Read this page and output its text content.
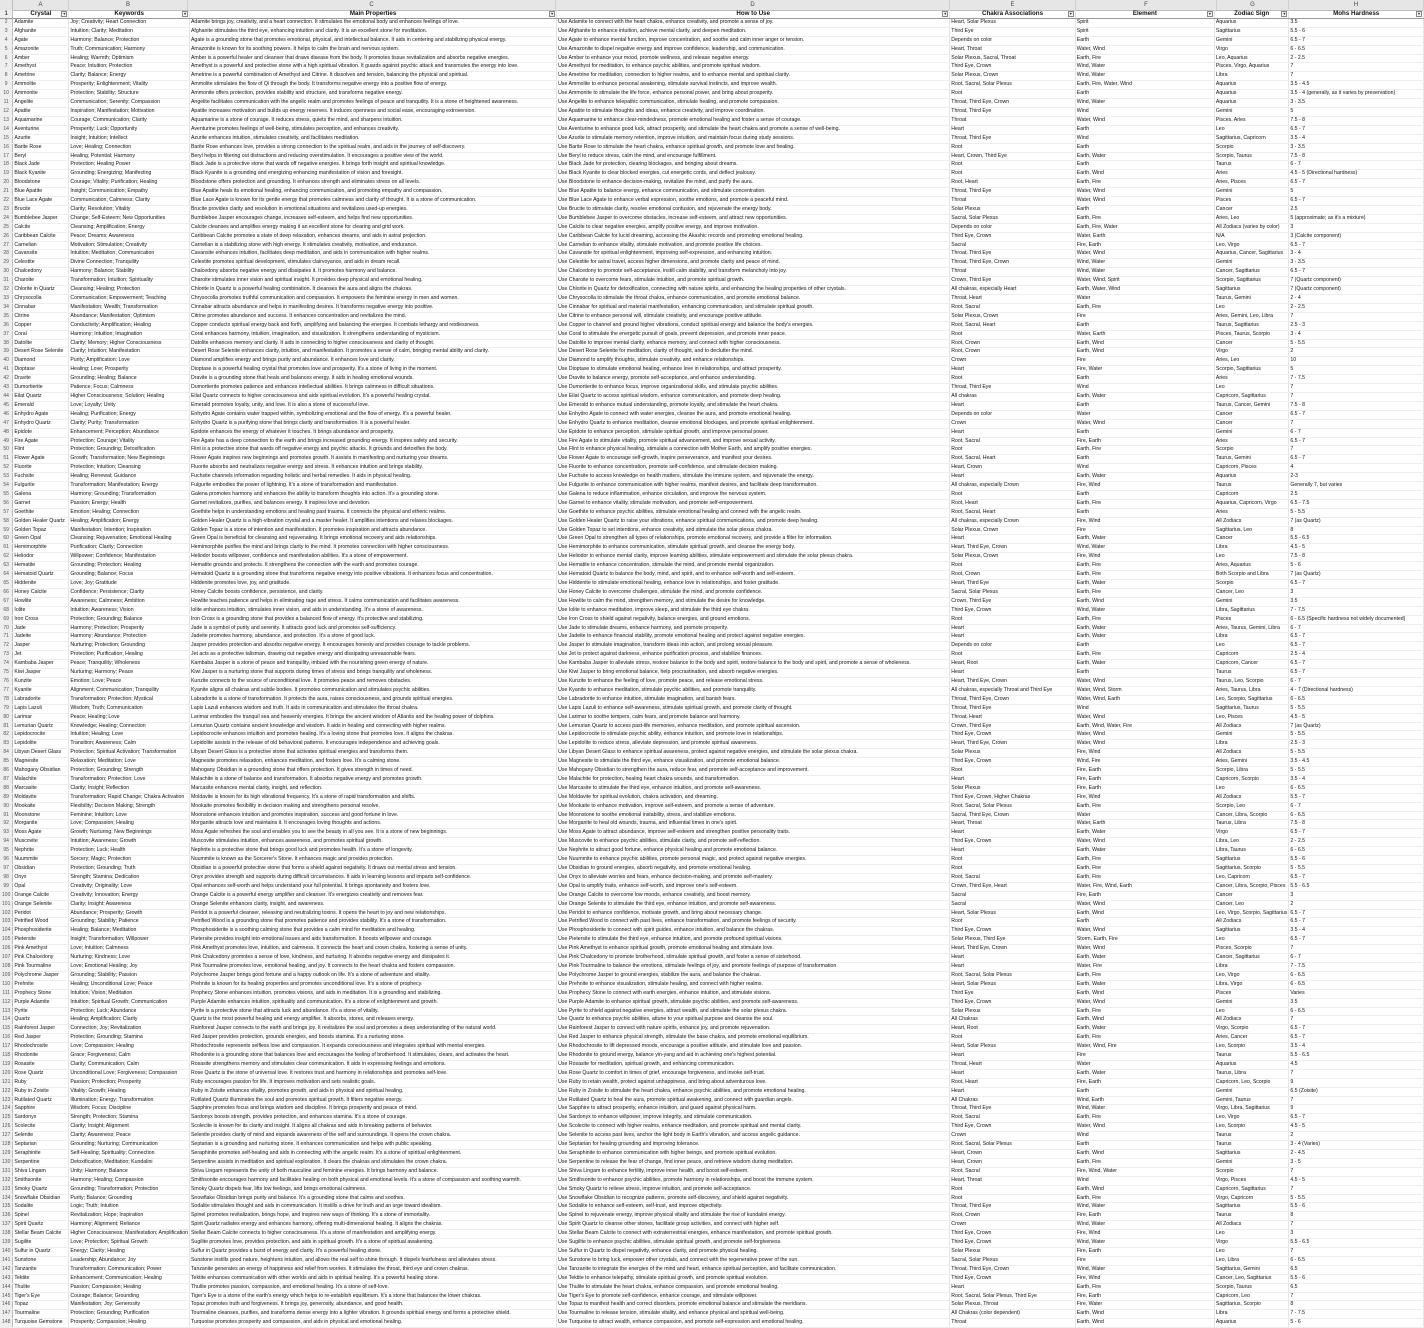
A	B	C	D	E	F	G	H
1	Crystal ▾	Keywords ▾	Main Properties ▾	How to Use ▾	Chakra Associations ▾	Element ▾	Zodiac Sign ▾	Mohs Hardness ▾

2	Adamite	Joy; Creativity; Heart Connection	Adamite brings joy, creativity, and a heart connection. It stimulates the emotional body and enhances feelings of love.	Use Adamite to connect with the heart chakra, enhance creativity, and promote a sense of joy.	Heart, Solar Plexus	Spirit	Aquarius	3.5
3	Afghanite	Intuition; Clarity; Meditation	Afghanite stimulates the third eye, enhancing intuition and clarity. It is an excellent stone for meditation.	Use Afghanite to enhance intuition, achieve mental clarity, and deepen meditation.	Third Eye	Spirit	Sagittarius	5.5 - 6
4	Agate	Harmony; Balance; Protection	Agate is a grounding stone that promotes emotional, physical, and intellectual balance. It aids in centering and stabilizing physical energy.	Use Agate to enhance mental function, improve concentration, and soothe and calm inner anger or tension.	Depends on color	Earth	Gemini	6.5 - 7
5	Amazonite	Truth; Communication; Harmony	Amazonite is known for its soothing powers. It helps to calm the brain and nervous system.	Use Amazonite to dispel negative energy and improve confidence, leadership, and communication.	Heart, Throat	Water, Wind	Virgo	6 - 6.5
6	Amber	Healing; Warmth; Optimism	Amber is a powerful healer and cleanser that draws disease from the body. It promotes tissue revitalization and absorbs negative energies.	Use Amber to enhance your mood, promote wellness, and release negative energy.	Solar Plexus, Sacral, Throat	Earth, Fire	Leo, Aquarius	2 - 2.5
7	Amethyst	Peace; Intuition; Protection	Amethyst is a powerful and protective stone with a high spiritual vibration. It guards against psychic attack and transmutes the energy into love.	Use Amethyst for meditation, to enhance psychic abilities, and promote spiritual wisdom.	Third Eye, Crown	Wind, Water	Pisces, Virgo, Aquarius	7
8	Ametrine	Clarity; Balance; Energy	Ametrine is a powerful combination of Amethyst and Citrine. It dissolves and tension, balancing the physical and spiritual.	Use Ametrine for meditation, connection to higher realms, and to enhance mental and spiritual clarity.	Solar Plexus, Crown	Wind, Water	Libra	7
9	Ammolite	Prosperity; Enlightenment; Vitality	Ammolite stimulates the flow of Qi through the body. It transforms negative energy into a positive flow of energy.	Use Ammolite to enhance personal awakening, stimulate survival instincts, and improve wealth.	Root, Sacral, Solar Plexus	Earth, Fire, Water, Wind	Aquarius	3.5 - 4.5
10	Ammonite	Protection; Stability; Structure	Ammonite offers protection, provides stability and structure, and transforms negative energy.	Use Ammonite to stimulate the life force, enhance personal power, and bring about prosperity.	Root	Earth	Aquarius	3.5 - 4 (generally, as it varies by preservation)
11	Angelite	Communication; Serenity; Compassion	Angelite facilitates communication with the angelic realm and promotes feelings of peace and tranquility. It is a stone of heightened awareness.	Use Angelite to enhance telepathic communication, stimulate healing, and promote compassion.	Throat, Third Eye, Crown	Wind, Water	Aquarius	3 - 3.5
12	Apatite	Inspiration; Manifestation; Motivation	Apatite increases motivation and builds up energy reserves. It induces openness and social ease, encouraging extroversion.	Use Apatite to stimulate thoughts and ideas, enhance creativity, and improve coordination.	Throat, Third Eye	Wind	Gemini	5
13	Aquamarine	Courage; Communication; Clarity	Aquamarine is a stone of courage. It reduces stress, quiets the mind, and sharpens intuition.	Use Aquamarine to enhance clear-mindedness, promote emotional healing and foster a sense of courage.	Throat	Water, Wind	Pisces, Aries	7.5 - 8
14	Aventurine	Prosperity; Luck; Opportunity	Aventurine promotes feelings of well-being, stimulates perception, and enhances creativity.	Use Aventurine to enhance good luck, attract prosperity, and stimulate the heart chakra and promote a sense of well-being.	Heart	Earth	Leo	6.5 - 7
15	Azurite	Insight; Intuition; Intellect	Azurite enhances intuition, stimulates creativity, and facilitates meditation.	Use Azurite to stimulate memory retention, improve intuition, and maintain focus during study sessions.	Throat, Third Eye	Wind	Sagittarius, Capricorn	3.5 - 4
16	Barite Rose	Love; Healing; Connection	Barite Rose enhances love, provides a strong connection to the spiritual realm, and aids in the journey of self-discovery.	Use Barite Rose to stimulate the heart chakra, enhance spiritual growth, and promote love and healing.	Root	Earth	Scorpio	3 - 3.5
17	Beryl	Healing; Potential; Harmony	Beryl helps in filtering out distractions and reducing overstimulation. It encourages a positive view of the world.	Use Beryl to reduce stress, calm the mind, and encourage fulfillment.	Heart, Crown, Third Eye	Earth, Water	Scorpio, Taurus	7.5 - 8
18	Black Jade	Protection; Healing Power	Black Jade is a protective stone that wards off negative energies. It brings forth insight and spiritual knowledge.	Use Black Jade for protection, clearing blockages, and bringing about dreams.	Root	Earth	Taurus	6 - 7
19	Black Kyanite	Grounding; Energizing; Manifesting	Black Kyanite is a grounding and energizing enhancing manifestation of vision and foresight.	Use Black Kyanite to clear blocked energies, cut energetic cords, and deflect jealousy.	Root	Earth, Wind	Aries	4.5 - 5 (Directional hardness)
20	Bloodstone	Courage; Vitality; Purification; Healing	Bloodstone offers protection and grounding. It enhances strength and eliminates stress on all levels.	Use Bloodstone to enhance decision-making, revitalize the mind, and purify the aura.	Root, Heart	Earth, Fire	Aries, Pisces	6.5 - 7
21	Blue Apatite	Insight; Communication; Empathy	Blue Apatite heals its emotional healing, enhancing communication, and promoting empathy and compassion.	Use Blue Apatite to balance energy, enhance communication, and stimulate concentration.	Throat, Third Eye	Water, Wind	Gemini	5
22	Blue Lace Agate	Communication; Calmness; Clarity	Blue Lace Agate is known for its gentle energy that promotes calmness and clarity of thought. It is a stone of communication.	Use Blue Lace Agate to enhance verbal expression, soothe emotions, and promote a peaceful mind.	Throat	Water, Wind	Pisces	6.5 - 7
23	Brucite	Clarity; Resolution; Vitality	Brucite provides clarity and resolution in emotional situations and revitalizes used-up energies.	Use Brucite to stimulate clarity, resolve emotional confusion, and rejuvenate the energy body.	Solar Plexus	Earth	Cancer	2.5
24	Bumblebee Jasper	Change; Self-Esteem; New Opportunities	Bumblebee Jasper encourages change, increases self-esteem, and helps find new opportunities.	Use Bumblebee Jasper to overcome obstacles, increase self-esteem, and attract new opportunities.	Sacral, Solar Plexus	Earth, Fire	Aries, Leo	5 (approximate; as it's a mixture)
25	Calcite	Cleansing; Amplification; Energy	Calcite cleanses and amplifies energy making it an excellent stone for clearing and grid work.	Use Calcite to clear negative energies, amplify positive energy, and improve motivation.	Depends on color	Earth, Fire, Water	All Zodiacs (varies by color)	3
26	Caribbean Calcite	Peace; Dreams; Awareness	Caribbean Calcite promotes a state of deep relaxation, enhances dreams, and aids in astral projection.	Use Caribbean Calcite for lucid dreaming, accessing the Akashic records and promoting emotional healing.	Third Eye, Crown	Water, Earth	N/A	3 (Calcite component)
27	Carnelian	Motivation; Stimulation; Creativity	Carnelian is a stabilizing stone with high energy. It stimulates creativity, motivation, and endurance.	Use Carnelian to enhance vitality, stimulate motivation, and promote positive life choices.	Sacral	Fire, Earth	Leo, Virgo	6.5 - 7
28	Cavansite	Intuition; Meditation; Communication	Cavansite enhances intuition, facilitates deep meditation, and aids in communication with higher realms.	Use Cavansite for spiritual enlightenment, improving self-expression, and enhancing intuition.	Throat, Third Eye	Water, Wind	Aquarius, Cancer, Sagittarius	3 - 4
29	Celestite	Divine Connection; Tranquility	Celestite promotes spiritual development, stimulates clairvoyance, and aids in dream recall.	Use Celestite for astral travel, access higher dimensions, and promote clarity and peace of mind.	Throat, Third Eye, Crown	Wind, Water	Gemini	3 - 3.5
30	Chalcedony	Harmony; Balance; Stability	Chalcedony absorbs negative energy and dissipates it. It promotes harmony and balance.	Use Chalcedony to promote self-acceptance, instill calm stability, and transform melancholy into joy.	Throat	Wind, Water	Cancer, Sagittarius	6.5 - 7
31	Charoite	Transformation; Intuition; Spirituality	Charoite stimulates inner vision and spiritual insight. It provides deep physical and emotional healing.	Use Charoite to overcome fears, stimulate intuition, and promote spiritual growth.	Crown, Third Eye	Water, Wind, Spirit	Scorpio, Sagittarius	7 (Quartz component)
32	Chlorite in Quartz	Cleansing; Healing; Protection	Chlorite in Quartz is a powerful healing combination. It cleanses the aura and aligns the chakras.	Use Chlorite in Quartz for detoxification, connecting with nature spirits, and enhancing the healing properties of other crystals.	All chakras, especially Heart	Earth, Water, Wind	Sagittarius	7 (Quartz component)
33	Chrysocolla	Communication; Empowerment; Teaching	Chrysocolla promotes truthful communication and compassion. It empowers the feminine energy in men and women.	Use Chrysocolla to stimulate the throat chakra, enhance communication, and promote emotional balance.	Throat, Heart	Water	Taurus, Gemini	2 - 4
34	Cinnabar	Manifestation; Wealth; Transformation	Cinnabar attracts abundance and helps in manifesting desires. It transforms negative energy into positive.	Use Cinnabar for spiritual and material manifestation, enhancing communication, and stimulate spiritual growth.	Root, Sacral	Earth, Fire	Leo	2 - 2.5
35	Citrine	Abundance; Manifestation; Optimism	Citrine promotes abundance and success. It enhances concentration and revitalizes the mind.	Use Citrine to enhance personal will, stimulate creativity, and encourage positive attitude.	Solar Plexus, Crown	Fire	Aries, Gemini, Leo, Libra	7
36	Copper	Conductivity; Amplification; Healing	Copper conducts spiritual energy back and forth, amplifying and balancing the energies. It combats lethargy and restlessness.	Use Copper to channel and ground higher vibrations, conduct spiritual energy and balance the body's energies.	Root, Sacral, Heart	Earth	Taurus, Sagittarius	2.5 - 3
37	Coral	Harmony; Intuition; Imagination	Coral enhances harmony, intuition, imagination, and visualization. It strengthens understanding of mysticism.	Use Coral to stimulate the energetic pursuit of goals, prevent depression, and promote inner peace.	Root	Water, Earth	Pisces, Taurus, Scorpio	3 - 4
38	Datolite	Clarity; Memory; Higher Consciousness	Datolite enhances memory and clarity. It aids in connecting to higher consciousness and clarity of thought.	Use Datolite to improve mental clarity, enhance memory, and connect with higher consciousness.	Root, Crown	Earth, Wind	Cancer	5 - 5.5
39	Desert Rose Selenite	Clarity; Intuition; Manifestation	Desert Rose Selenite enhances clarity, intuition, and manifestation. It promotes a sense of calm, bringing mental ability and clarity.	Use Desert Rose Selenite for meditation, clarity of thought, and to declutter the mind.	Root, Crown	Earth, Wind	Virgo	2
40	Diamond	Purity; Amplification; Love	Diamond amplifies energy and brings purity and abundance. It enhances love and clarity.	Use Diamond to amplify thoughts, stimulate creativity, and enhance relationships.	Crown	Fire	Aries, Leo	10
41	Dioptase	Healing; Love; Prosperity	Dioptase is a powerful healing crystal that promotes love and prosperity. It's a stone of living in the moment.	Use Dioptase to stimulate emotional healing, enhance love in relationships, and attract prosperity.	Heart	Fire, Water	Scorpio, Sagittarius	5
42	Dravite	Grounding; Healing; Balance	Dravite is a grounding stone that heals and balances energy. It aids in healing emotional wounds.	Use Dravite to balance energy, promote self-acceptance, and enhance understanding.	Root	Earth	Aries	7 - 7.5
43	Dumortierite	Patience; Focus; Calmness	Dumortierite promotes patience and enhances intellectual abilities. It brings calmness in difficult situations.	Use Dumortierite to enhance focus, improve organizational skills, and stimulate psychic abilities.	Throat, Third Eye	Wind	Leo	7
44	Eilat Quartz	Higher Consciousness; Solution; Healing	Eilat Quartz connects to higher consciousness and aids spiritual evolution. It's a powerful healing crystal.	Use Eilat Quartz to access spiritual wisdom, enhance communication, and promote deep healing.	All chakras	Earth, Water	Capricorn, Sagittarius	7
45	Emerald	Love; Loyalty; Unity	Emerald promotes loyalty, unity, and love. It is also a stone of successful love.	Use Emerald to enhance mutual understanding, promote loyalty, and stimulate the heart chakra.	Heart	Earth	Taurus, Cancer, Gemini	7.5 - 8
46	Enhydro Agate	Healing; Purification; Energy	Enhydro Agate contains water trapped within, symbolizing emotional and the flow of energy. It's a powerful healer.	Use Enhydro Agate to connect with water energies, cleanse the aura, and promote emotional healing.	Depends on color	Water	Cancer	6.5 - 7
47	Enhydro Quartz	Clarity; Purity; Transformation	Enhydro Quartz is a purifying stone that brings clarity and transformation. It is a powerful healer.	Use Enhydro Quartz to enhance meditation, cleanse emotional blockages, and promote spiritual enlightenment.	Crown	Water, Wind	Cancer	7
48	Epidote	Enhancement; Perception; Abundance	Epidote enhances the energy of whatever it touches. It brings abundance and prosperity.	Use Epidote to enhance perception, stimulate spiritual growth, and improve personal power.	Heart	Earth	Gemini	6 - 7
49	Fire Agate	Protection; Courage; Vitality	Fire Agate has a deep connection to the earth and brings increased grounding energy. It inspires safety and security.	Use Fire Agate to stimulate vitality, promote spiritual advancement, and improve sexual activity.	Root, Sacral	Fire, Earth	Aries	6.5 - 7
50	Flint	Protection; Grounding; Detoxification	Flint is a protective stone that wards off negative energy and psychic attacks. It grounds and detoxifies the body.	Use Flint to enhance physical healing, stimulate a connection with Mother Earth, and amplify positive energies.	Root	Earth, Fire	Scorpio	7
51	Flower Agate	Growth; Transformation; New Beginnings	Flower Agate inspires new beginnings and promotes growth. It assists in manifesting and nurturing your dreams.	Use Flower Agate to encourage self-growth, inspire perseverance, and manifest your desires.	Root, Sacral, Heart	Earth	Taurus, Gemini	6.5 - 7
52	Fluorite	Protection; Intuition; Cleansing	Fluorite absorbs and neutralizes negative energy and stress. It enhances intuition and brings stability.	Use Fluorite to enhance concentration, promote self-confidence, and stimulate decision making.	Heart, Crown	Wind	Capricorn, Pisces	4
53	Fuchsite	Healing; Renewal; Guidance	Fuchsite channels information regarding holistic and herbal remedies. It aids in physical healing.	Use Fuchsite to access knowledge on health matters, stimulate the immune system, and rejuvenate the energy.	Heart	Earth, Water	Aquarius	2-3
54	Fulgurite	Transformation; Manifestation; Energy	Fulgurite embodies the power of lightning. It's a stone of transformation and manifestation.	Use Fulgurite to enhance communication with higher realms, manifest desires, and facilitate deep transformation.	All chakras, especially Crown	Fire, Wind	Taurus	Generally 7, but varies
55	Galena	Harmony; Grounding; Transformation	Galena promotes harmony and enhances the ability to transform thoughts into action. It's a grounding stone.	Use Galena to reduce inflammation, enhance circulation, and improve the nervous system.	Root	Earth	Capricorn	2.5
56	Garnet	Passion; Energy; Health	Garnet revitalizes, purifies, and balances energy. It inspires love and devotion.	Use Garnet to enhance vitality, stimulate motivation, and promote self-empowerment.	Root, Heart	Earth, Fire	Aquarius, Capricorn, Virgo	6.5 - 7.5
57	Goethite	Emotion; Healing; Connection	Goethite helps in understanding emotions and healing past trauma. It connects the physical and etheric realms.	Use Goethite to enhance psychic abilities, stimulate emotional healing and connect with the angelic realm.	Root, Sacral, Heart	Earth	Aries	5 - 5.5
58	Golden Healer Quartz	Healing; Amplification; Energy	Golden Healer Quartz is a high-vibration crystal and a master healer. It amplifies intentions and relaxes blockages.	Use Golden Healer Quartz to raise your vibrations, enhance spiritual communications, and promote deep healing.	All chakras, especially Crown	Fire, Wind	All Zodiacs	7 (as Quartz)
59	Golden Topaz	Manifestation; Intention; Inspiration	Golden Topaz is a stone of intention and manifestation. It promotes inspiration and attracts abundance.	Use Golden Topaz to set intentions, enhance creativity, and stimulate the solar plexus chakra.	Solar Plexus, Crown	Fire	Sagittarius, Leo	8
60	Green Opal	Cleansing; Rejuvenation; Emotional Healing	Green Opal is beneficial for cleansing and rejuvenating. It brings emotional recovery and aids relationships.	Use Green Opal to strengthen all types of relationships, promote emotional recovery, and provide a filter for information.	Heart	Earth, Water	Cancer	5.5 - 6.5
61	Hemimorphite	Purification; Clarity; Connection	Hemimorphite purifies the mind and brings clarity to the mind. It promotes connection with higher consciousness.	Use Hemimorphite to enhance communication, stimulate spiritual growth, and cleanse the energy body.	Heart, Third Eye, Crown	Wind, Water	Libra	4.5 - 5
62	Heliodor	Willpower; Confidence; Manifestation	Heliodor boosts willpower, confidence and manifestation abilities. It's a stone of empowerment.	Use Heliodor to enhance mental clarity, improve learning abilities, stimulate empowerment and stimulate the solar plexus chakra.	Solar Plexus, Crown	Fire, Wind	Leo	7.5 - 8
63	Hematite	Grounding; Protection; Healing	Hematite grounds and protects. It strengthens the connection with the earth and promotes courage.	Use Hematite to enhance concentration, stimulate the mind, and promote mental organization.	Root	Earth, Fire	Aries, Aquarius	5 - 6
64	Hematoid Quartz	Grounding; Balance; Focus	Hematoid Quartz is a grounding stone that transforms negative energy into positive vibrations. It enhances focus and concentration.	Use Hematoid Quartz to balance the body, mind, and spirit, and to enhance self-worth and self-esteem.	Root, Crown	Earth, Fire	Both Scorpio and Libra	7 (as Quartz)
65	Hiddenite	Love; Joy; Gratitude	Hiddenite promotes love, joy, and gratitude.	Use Hiddenite to stimulate emotional healing, enhance love in relationships, and foster gratitude.	Heart, Third Eye	Earth, Water	Scorpio	6.5 - 7
66	Honey Calcite	Confidence; Persistence; Clarity	Honey Calcite boosts confidence, persistence, and clarity.	Use Honey Calcite to overcome challenges, stimulate the mind, and promote confidence.	Sacral, Solar Plexus	Earth, Fire	Cancer, Leo	3
67	Howlite	Awareness; Calmness; Ambition	Howlite teaches patience and helps in eliminating rage and stress. It calms communication and facilitates awareness.	Use Howlite to calm the mind, strengthen memory, and stimulate the desire for knowledge.	Crown, Third Eye	Earth, Wind	Gemini	3.5
68	Iolite	Intuition; Awareness; Vision	Iolite enhances intuition, stimulates inner vision, and aids in understanding. It's a stone of awareness.	Use Iolite to enhance meditation, improve sleep, and stimulate the third eye chakra.	Third Eye, Crown	Wind, Water	Libra, Sagittarius	7 - 7.5
69	Iron Cross	Protection; Grounding; Balance	Iron Cross is a grounding stone that provides a balanced flow of energy. It's protective and stabilizing.	Use Iron Cross to shield against negativity, balance energies, and ground emotions.	Root	Earth, Fire	Pisces	6 - 6.5 (Specific hardness not widely documented)
70	Jade	Harmony; Protection; Prosperity	Jade is a symbol of purity and serenity. It attracts good luck and promotes self-sufficiency.	Use Jade to stimulate dreams, enhance harmony, and promote prosperity.	Heart	Earth, Water	Aries, Taurus, Gemini, Libra	6 - 7
71	Jadeite	Harmony; Abundance; Protection	Jadeite promotes harmony, abundance, and protection. It's a stone of good luck.	Use Jadeite to enhance financial stability, promote emotional healing and protect against negative energies.	Heart	Earth, Water	Libra	6.5 - 7
72	Jasper	Nurturing; Protection; Grounding	Jasper provides protection and absorbs negative energy. It encourages honesty and provides courage to tackle problems.	Use Jasper to stimulate imagination, transform ideas into action, and prolong sexual pleasure.	Depends on color	Earth	Leo	6.5 - 7
73	Jet	Protection; Purification; Healing	Jet acts as a protective talisman, drawing out negative energy and dissipating unreasonable fears.	Use Jet to protect against darkness, enhance purification process, and stabilize finances.	Root	Earth, Fire	Capricorn	2.5 - 4
74	Kambaba Jasper	Peace; Tranquility; Wholeness	Kambaba Jasper is a stone of peace and tranquility, imbued with the nourishing green energy of nature.	Use Kambaba Jasper to alleviate stress, restore balance to the body and spirit, restore balance to the body and spirit, and promote a sense of wholeness.	Heart, Root	Earth, Water	Capricorn, Cancer	6.5 - 7
75	Kiwi Jasper	Nurturing; Harmony; Peace	Kiwi Jasper is a nurturing stone that supports during times of stress and brings tranquility and wholeness.	Use Kiwi Jasper to bring emotional balance, help procrastination, and absorb negative energies.	Heart	Earth	Taurus	6.5 - 7
76	Kunzite	Emotion; Love; Peace	Kunzite connects to the source of unconditional love. It promotes peace and removes obstacles.	Use Kunzite to enhance the feeling of love, promote peace, and release emotional stress.	Heart, Third Eye, Crown	Water, Wind	Taurus, Leo, Scorpio	6 - 7
77	Kyanite	Alignment; Communication; Tranquility	Kyanite aligns all chakras and subtle bodies. It promotes communication and stimulates psychic abilities.	Use Kyanite to enhance meditation, stimulate psychic abilities, and promote tranquility.	All chakras, especially Throat and Third Eye	Water, Wind, Storm	Aries, Taurus, Libra	4 - 7 (Directional hardness)
78	Labradorite	Transformation; Protection; Mystical	Labradorite is a stone of transformation. It protects the aura, raises consciousness, and grounds spiritual energies.	Use Labradorite to enhance intuition, stimulate imagination, and banish fears.	Throat, Third Eye, Crown	Water, Wind, Earth	Leo, Scorpio, Sagittarius	6 - 6.5
79	Lapis Lazuli	Wisdom; Truth; Communication	Lapis Lazuli enhances wisdom and truth. It aids in communication and stimulates the throat chakra.	Use Lapis Lazuli to enhance self-awareness, stimulate spiritual growth, and promote clarity of thought.	Throat, Third Eye	Wind	Sagittarius, Taurus	5 - 5.5
80	Larimar	Peace; Healing; Love	Larimar embodies the tranquil sea and heavenly energies. It brings the ancient wisdom of Atlantis and the healing power of dolphins.	Use Larimar to soothe tempers, calm fears, and promote balance and harmony.	Throat, Heart	Water, Wind	Leo, Pisces	4.5 - 5
81	Lemurian Quartz	Knowledge; Healing; Connection	Lemurian Quartz contains ancient knowledge and wisdom. It aids in healing and connecting with higher realms.	Use Lemurian Quartz to access past-life memories, enhance meditation, and promote spiritual ascension.	Crown, Third Eye	Earth, Wind, Water, Fire	All Zodiacs	7 (as Quartz)
82	Lepidocrocite	Intuition; Healing; Love	Lepidocrocite enhances intuition and promotes healing. It's a loving stone that promotes love. It aligns the chakras.	Use Lepidocrocite to stimulate psychic ability, enhance intuition, and promote love in relationships.	Third Eye, Crown	Water, Wind	Gemini	5 - 5.5
83	Lepidolite	Transition; Awareness; Calm	Lepidolite assists in the release of old behavioral patterns. It encourages independence and achieving goals.	Use Lepidolite to reduce stress, alleviate depression, and promote spiritual awareness.	Heart, Third Eye, Crown	Water, Wind	Libra	2.5 - 3
84	Libyan Desert Glass	Protection; Spiritual Activation; Transformation	Libyan Desert Glass is a protective stone that activates spiritual energies and transforms them.	Use Libyan Desert Glass to enhance spiritual awareness, protect against negative energies, and stimulate the solar plexus chakra.	Solar Plexus	Fire, Wind	All Zodiacs	5 - 5.5
85	Magnesite	Relaxation; Meditation; Love	Magnesite promotes relaxation, enhances meditation, and fosters love. It's a calming stone.	Use Magnesite to stimulate the third eye, enhance visualization, and promote emotional balance.	Third Eye, Crown	Wind, Fire	Aries, Gemini	3.5 - 4.5
86	Mahogany Obsidian	Protection; Grounding; Strength	Mahogany Obsidian is a grounding stone that offers protection. It gives strength in times of need.	Use Mahogany Obsidian to strengthen the aura, reduce fear, and promote self-acceptance and improvement.	Root	Fire, Earth	Scorpio, Libra	5 - 5.5
87	Malachite	Transformation; Protection; Love	Malachite is a stone of balance and transformation. It absorbs negative energy and promotes growth.	Use Malachite for protection, healing heart chakra wounds, and transformation.	Heart	Fire, Earth	Capricorn, Scorpio	3.5 - 4
88	Marcasite	Clarity; Insight; Reflection	Marcasite enhances mental clarity, insight, and reflection.	Use Marcasite to stimulate the third eye, enhance intuition, and promote self-awareness.	Solar Plexus	Fire, Earth	Leo	6 - 6.5
89	Moldavite	Transformation; Rapid Change; Chakra Activation	Moldavite is known for its high vibrational frequency. It's a stone of rapid transformation and shifts.	Use Moldavite for spiritual evolution, chakra activation, and dreaming.	Third Eye, Crown, Higher Chakras	Fire, Wind	All Zodiacs	5.5 - 7
90	Mookaite	Flexibility; Decision Making; Strength	Mookaite promotes flexibility in decision making and strengthens personal resolve.	Use Mookaite to enhance motivation, improve self-esteem, and promote a sense of adventure.	Root, Sacral, Solar Plexus	Earth, Fire	Scorpio, Leo	6 - 7
91	Moonstone	Feminine; Intuition; Love	Moonstone enhances intuition and promotes inspiration, success and good fortune in love.	Use Moonstone to soothe emotional instability, stress, and stabilize emotions.	Sacral, Third Eye, Crown	Water	Cancer, Libra, Scorpio	6 - 6.5
92	Morganite	Love; Compassion; Healing	Morganite attracts love and maintains it. It encourages loving thoughts and actions.	Use Morganite to heal old wounds, trauma, and influential times in one's spirit.	Heart, Throat	Water, Earth	Taurus, Libra	7.5 - 8
93	Moss Agate	Growth; Nurturing; New Beginnings	Moss Agate refreshes the soul and enables you to see the beauty in all you see. It is a stone of new beginnings.	Use Moss Agate to attract abundance, improve self-esteem and strengthen positive personality traits.	Heart	Earth, Water	Virgo	6.5 - 7
94	Muscovite	Intuition; Awareness; Growth	Muscovite stimulates intuition, enhances awareness, and promotes spiritual growth.	Use Muscovite to enhance psychic abilities, stimulate clarity, and promote self-reflection.	Third Eye, Crown	Water, Wind	Libra, Leo	2 - 2.5
95	Nephrite	Protection; Luck; Health	Nephrite is a protective stone that brings good luck and promotes health. It's a stone of longevity.	Use Nephrite to attract good fortune, enhance physical healing and promote emotional balance.	Heart	Earth, Water	Libra, Taurus	6 - 6.5
96	Nuummite	Sorcery; Magic; Protection	Nuummite is known as the Sorcerer's Stone. It enhances magic and provides protection.	Use Nuummite to enhance psychic abilities, promote personal magic, and protect against negative energies.	Root	Earth, Fire	Sagittarius	5.5 - 6
97	Obsidian	Protection; Grounding; Truth	Obsidian is a powerful protective stone that forms a shield against negativity. It draws out mental stress and tension.	Use Obsidian to ground energies, absorb negativity, and promote emotional healing.	Root	Earth, Fire	Sagittarius, Scorpio	5 - 5.5
98	Onyx	Strength; Stamina; Dedication	Onyx provides strength and supports during difficult circumstances. It aids in learning lessons and imparts self-confidence.	Use Onyx to alleviate worries and fears, enhance decision-making, and promote self-mastery.	Root, Sacral	Earth, Fire	Leo, Capricorn	6.5 - 7
99	Opal	Creativity; Originality; Love	Opal enhances self-worth and helps understand your full potential. It brings spontaneity and fosters love.	Use Opal to amplify traits, enhance self-worth, and improve one's self-esteem.	Crown, Third Eye, Heart	Water, Fire, Wind, Earth	Cancer, Libra, Scorpio, Pisces	5.5 - 6.5
100	Orange Calcite	Creativity; Innovation; Energy	Orange Calcite is a powerful energy amplifier and cleanser. It's energizes creativity and removes fear.	Use Orange Calcite to overcome low moods, enhance creativity, and boost memory.	Sacral	Fire, Earth	Cancer	3
101	Orange Selenite	Clarity; Insight; Awareness	Orange Selenite enhances clarity, insight, and awareness.	Use Orange Selenite to stimulate the third eye, enhance intuition, and promote self-awareness.	Sacral	Water, Wind	Cancer, Leo	2
102	Peridot	Abundance; Prosperity; Growth	Peridot is a powerful cleanser, releasing and neutralizing toxins. It opens the heart to joy and new relationships.	Use Peridot to enhance confidence, motivate growth, and bring about necessary change.	Heart, Solar Plexus	Earth, Wind	Leo, Virgo, Scorpio, Sagittarius	6.5 - 7
103	Petrified Wood	Grounding; Stability; Patience	Petrified Wood is a grounding stone that promotes patience and provides stability. It's a stone of transformation.	Use Petrified Wood to connect with past lives, enhance transformation, and promote feelings of security.	Root	Earth	All Zodiacs	6.5 - 7
104	Phosphosiderite	Healing; Balance; Meditation	Phosphosiderite is a soothing calming stone that provides a calm mind for meditation and healing.	Use Phosphosiderite to connect with spirit guides, enhance intuition, and balance the chakras.	Third Eye, Crown	Water, Wind	Sagittarius	3.5 - 4
105	Pietersite	Insight; Transformation; Willpower	Pietersite provides insight into emotional issues and aids transformation. It boosts willpower and courage.	Use Pietersite to stimulate the third eye, enhance intuition, and promote profound spiritual visions.	Solar Plexus, Third Eye	Storm, Earth, Fire	Leo	6.5 - 7
106	Pink Amethyst	Love; Intuition; Calmness	Pink Amethyst promotes love, intuition, and calmness. It connects the heart and crown chakra, fostering a sense of unity.	Use Pink Amethyst to enhance spiritual growth, promote emotional healing and stimulate love.	Heart, Third Eye, Crown	Water, Wind	Pisces, Scorpio	7
107	Pink Chalcedony	Nurturing; Kindness; Love	Pink Chalcedony promotes a sense of love, kindness, and nurturing. It absorbs negative energy and dissipates it.	Use Pink Chalcedony to promote brotherhood, stimulate spiritual growth, and foster a sense of sisterhood.	Heart	Earth, Water	Cancer, Sagittarius	6 - 7
108	Pink Tourmaline	Love; Emotional Healing; Joy	Pink Tourmaline promotes love, emotional healing, and joy. It connects to the heart chakra and fosters compassion.	Use Pink Tourmaline to balance the emotions, stimulate feelings of joy, and promote feelings of purpose of transformation.	Heart	Water, Fire	Libra	7 - 7.5
109	Polychrome Jasper	Grounding; Stability; Passion	Polychrome Jasper brings good fortune and a happy outlook on life. It's a stone of adventure and vitality.	Use Polychrome Jasper to ground energies, stabilize the aura, and balance the chakras.	Root, Sacral, Solar Plexus	Earth, Fire	Leo, Virgo	6 - 6.5
110	Prehnite	Healing; Unconditional Love; Peace	Prehnite is known for its healing properties and promotes unconditional love. It's a stone of prophecy.	Use Prehnite to enhance visualization, stimulate healing, and connect with higher realms.	Heart, Solar Plexus	Earth, Water	Libra, Virgo	6 - 6.5
111	Prophecy Stone	Intuition; Vision; Meditation	Prophecy Stone enhances intuition, promotes visions, and aids in meditation. It is a grounding and stabilizing.	Use Prophecy Stone to connect with earth energies, enhance intuition, and stimulate visions.	Third Eye	Earth, Wind	Pisces	Varies
112	Purple Adamite	Intuition; Spiritual Growth; Communication	Purple Adamite enhances intuition, spirituality and communication. It's a stone of enlightenment and growth.	Use Purple Adamite to enhance spiritual growth, stimulate psychic abilities, and promote self-awareness.	Third Eye, Crown	Water, Wind	Gemini	3.5
113	Pyrite	Protection; Luck; Abundance	Pyrite is a protective stone that attracts luck and abundance. It's a stone of vitality.	Use Pyrite to shield against negative energies, attract wealth, and stimulate the solar plexus chakra.	Solar Plexus	Earth, Fire	Leo	6 - 6.5
114	Quartz	Healing; Amplification; Clarity	Quartz is the most powerful healing and energy amplifier. It absorbs, stores, and releases energy.	Use Quartz to enhance psychic abilities, attune to your spiritual purpose and cleanse the soul.	All Chakras	Earth, Wind	All Zodiacs	7
115	Rainforest Jasper	Connection; Joy; Revitalization	Rainforest Jasper connects to the earth and brings joy. It revitalizes the soul and promotes a deep understanding of the natural world.	Use Rainforest Jasper to connect with nature spirits, enhance joy, and promote rejuvenation.	Heart, Root	Earth, Water	Virgo, Scorpio	6.5 - 7
116	Red Jasper	Protection; Grounding; Stamina	Red Jasper provides protection, grounds energies, and boosts stamina. It's a nurturing stone.	Use Red Jasper to enhance physical strength, stimulate the base chakra, and promote emotional equilibrium.	Root	Earth, Fire	Aries, Cancer	6.5 - 7
117	Rhodochrosite	Love; Compassion; Healing	Rhodochrosite represents selfless love and compassion. It expands consciousness and integrates spiritual with mental energies.	Use Rhodochrosite to lift depressed moods, encourage a positive attitude, and stimulate love and passion.	Heart, Solar Plexus	Water, Wind, Fire	Leo, Scorpio	3.5 - 4
118	Rhodonite	Grace; Forgiveness; Calm	Rhodonite is a grounding stone that balances love and encourages the feeling of brotherhood. It stimulates, clears, and activates the heart.	Use Rhodonite to ground energy, balance yin-yang and aid in achieving one's highest potential.	Heart	Fire	Taurus	5.5 - 6.5
119	Rosasite	Clarity; Communication; Calm	Rosasite strengthens memory and stimulates clear communication. It aids in expressing feelings and emotions.	Use Rosasite for meditation, spiritual growth, and enhancing communication.	Throat, Heart	Water	Aquarius	4.5
120	Rose Quartz	Unconditional Love; Forgiveness; Compassion	Rose Quartz is the stone of universal love. It restores trust and harmony in relationships and promotes self-love.	Use Rose Quartz to comfort in times of grief, encourage forgiveness, and invoke self-trust.	Heart	Earth, Water	Taurus, Libra	7
121	Ruby	Passion; Protection; Prosperity	Ruby encourages passion for life. It improves motivation and sets realistic goals.	Use Ruby to retain wealth, protect against unhappiness, and bring about adventurous love.	Root, Heart	Fire, Earth	Capricorn, Leo, Scorpio	9
122	Ruby in Zoisite	Vitality; Growth; Healing	Ruby in Zoisite enhances vitality, promotes growth, and aids in physical and spiritual healing.	Use Ruby in Zoisite to stimulate the heart chakra, enhance psychic abilities, and promote emotional healing.	Heart	Earth	Gemini	6.5 (Zoisite)
123	Rutilated Quartz	Illumination; Energy; Transformation	Rutilated Quartz illuminates the soul and promotes spiritual growth. It filters negative energy.	Use Rutilated Quartz to heal the aura, promote spiritual awakening, and connect with guardian angels.	All Chakras	Wind, Earth	Gemini, Taurus	7
124	Sapphire	Wisdom; Focus; Discipline	Sapphire promotes focus and brings wisdom and discipline. It brings prosperity and peace of mind.	Use Sapphire to attract prosperity, enhance intuition, and guard against physical harm.	Throat, Third Eye	Wind, Water	Virgo, Libra, Sagittarius	9
125	Sardonyx	Strength; Protection; Stamina	Sardonyx boosts strength, provides protection, and enhances stamina. It's a stone of courage.	Use Sardonyx to enhance willpower, improve integrity, and stimulate communication.	Root, Sacral	Earth, Fire	Leo, Virgo	6.5 - 7
126	Scolecite	Clarity; Insight; Alignment	Scolecite is known for its clarity and insight. It aligns all chakras and aids in breaking patterns of behavior.	Use Scolecite to connect with higher realms, enhance meditation, and promote spiritual and mental clarity.	Third Eye, Crown	Water, Wind	Leo, Scorpio	4.5 - 5
127	Selenite	Clarity; Awareness; Peace	Selenite provides clarity of mind and expands awareness of the self and surroundings. It opens the crown chakra.	Use Selenite to access past lives, anchor the light body in Earth's vibration, and access angelic guidance.	Crown	Wind	Taurus	2
128	Septarian	Grounding; Nurturing; Communication	Septarian is a grounding and nurturing stone. It enhances communication and helps with public speaking.	Use Septarian for healing grounding and improving tolerance.	Root, Sacral, Solar Plexus	Earth	Taurus	3 - 4 (Varies)
129	Seraphinite	Self-Healing; Spirituality; Connection	Seraphinite promotes self-healing and aids in connecting with the angelic realm. It's a stone of spiritual enlightenment.	Use Seraphinite to enhance communication with higher beings, and promote spiritual evolution.	Heart, Crown	Earth, Wind	Sagittarius	2 - 4.5
130	Serpentine	Detoxification; Meditation; Kundalini	Serpentine assists in meditation and spiritual exploration. It clears the chakras and stimulates the crown chakra.	Use Serpentine to release the fear of change, find inner peace, and retrieve wisdom during meditation.	Heart, Crown	Earth, Fire	Gemini	3 - 5
131	Shiva Lingam	Unity; Harmony; Balance	Shiva Lingam represents the unity of both masculine and feminine energies. It brings harmony and balance.	Use Shiva Lingam to enhance fertility, improve inner health, and boost self-esteem.	Root, Sacral	Fire, Wind, Water	Scorpio	7
132	Smithsonite	Harmony; Healing; Compassion	Smithsonite encourages harmony and facilitates healing on both physical and emotional levels. It's a stone of compassion and soothing warmth.	Use Smithsonite to enhance psychic abilities, promote harmony in relationships, and boost the immune system.	Heart, Throat	Wind	Virgo, Pisces	4.5 - 5
133	Smoky Quartz	Grounding; Transformation; Protection	Smoky Quartz dispels fear, lifts low feelings, and brings emotional calmness.	Use Smoky Quartz to relieve stress, improve intuition, and promote self-acceptance.	Root	Earth, Wind	Capricorn, Sagittarius	7
134	Snowflake Obsidian	Purity; Balance; Grounding	Snowflake Obsidian brings purity and balance. It's a grounding stone that calms and soothes.	Use Snowflake Obsidian to recognize patterns, promote self-discovery, and shield against negativity.	Root	Earth, Fire	Virgo, Capricorn	5 - 5.5
135	Sodalite	Logic; Truth; Intuition	Sodalite stimulates thought and aids in communication. It instills a drive for truth and an urge toward idealism.	Use Sodalite to enhance self-esteem, self-trust, and improve objectivity.	Throat, Third Eye	Wind, Water	Sagittarius	5.5 - 6
136	Spinel	Revitalization; Hope; Inspiration	Spinel promotes revitalization, brings hope, and inspires new ways of thinking. It's a stone of immortality.	Use Spinel to rejuvenate energy, improve physical vitality and stimulate the rise of kundalini energy.	Root, Crown	Fire, Earth	Taurus	8
137	Spirit Quartz	Harmony; Alignment; Reliance	Spirit Quartz radiates energy and enhances harmony, offering multi-dimensional healing. It aligns the chakras.	Use Spirit Quartz to cleanse other stones, facilitate group activities, and connect with higher self.	Crown	Wind, Water	All Zodiacs	7
138	Stellar Beam Calcite	Higher Consciousness; Manifestation; Amplification	Stellar Beam Calcite connects to higher consciousness. It's a stone of manifestation and amplifying energy.	Use Stellar Beam Calcite to connect with extraterrestrial energies, enhance manifestation, and promote spiritual growth.	Third Eye, Crown	Fire, Wind	Leo	3
139	Sugilite	Love; Protection; Spiritual Growth	Sugilite promotes love, provides protection, and aids in spiritual growth. It's a stone of spiritual awakening.	Use Sugilite to enhance psychic abilities, stimulate spiritual growth, and promote self-forgiveness.	Third Eye, Crown	Wind, Water	Virgo	5.5 - 6.5
140	Sulfur in Quartz	Energy; Clarity; Healing	Sulfur in Quartz provides a burst of energy and clarity. It's a powerful healing stone.	Use Sulfur in Quartz to dispel negativity, enhance clarity, and promote physical healing.	Solar Plexus	Fire, Earth	Leo	7
141	Sunstone	Leadership; Abundance; Joy	Sunstone instills good nature, heightens intuition, and allows the real self to shine through. It dispels fearfulness and alleviates stress.	Use Sunstone to bring luck, empower other crystals, and connect with the regenerative power of the sun.	Sacral, Solar Plexus	Fire	Leo, Libra	6 - 6.5
142	Tanzanite	Transformation; Communication; Power	Tanzanite generates an energy of happiness and relief from worries. It stimulates the throat, third eye and crown chakras.	Use Tanzanite to integrate the energies of the mind and heart, enhance spiritual perception, and facilitate communication.	Throat, Third Eye, Crown	Wind, Water	Sagittarius, Gemini	6.5
143	Tektite	Enhancement; Communication; Healing	Tektite enhances communication with other worlds and aids in spiritual healing. It's a powerful healing stone.	Use Tektite to enhance telepathy, stimulate spiritual growth, and promote spiritual evolution.	Third Eye, Crown	Fire, Wind	Cancer, Leo, Sagittarius	5.5 - 6
144	Thulite	Passion; Compassion; Healing	Thulite promotes passion, compassion, and emotional healing. It's a stone of self-love.	Use Thulite to stimulate the heart chakra, enhance compassion, and promote emotional healing.	Heart	Earth, Fire	Scorpio, Taurus	6.5
145	Tiger's Eye	Courage; Balance; Grounding	Tiger's Eye is a stone of the earth's energy which helps to re-establish equilibrium. It's a stone that balances the lower chakras.	Use Tiger's Eye to promote self-confidence, enhance courage, and stimulate willpower.	Root, Sacral, Solar Plexus, Third Eye	Fire, Earth	Capricorn, Leo	7
146	Topaz	Manifestation; Joy; Generosity	Topaz promotes truth and forgiveness. It brings joy, generosity, abundance, and good health.	Use Topaz to manifest health and correct disorders, promote emotional balance and stimulate the meridians.	Solar Plexus, Throat	Fire, Water	Sagittarius, Scorpio	8
147	Tourmaline	Protection; Grounding; Purification	Tourmaline cleanses, purifies, and transforms dense energy into a lighter vibration. It grounds spiritual energy and forms a protective shield.	Use Tourmaline to release tension, stimulate vitality, and enhance physical and spiritual well-being.	All Chakras (color dependent)	Earth, Wind	Libra	7 - 7.5
148	Turquoise Gemstone	Prosperity; Compassion; Healing	Turquoise promotes prosperity and compassion, and aids in physical and emotional healing.	Use Turquoise to attract wealth, enhance compassion, and promote self-expression and emotional healing.	Throat	Earth, Wind	Aquarius	5 - 6
